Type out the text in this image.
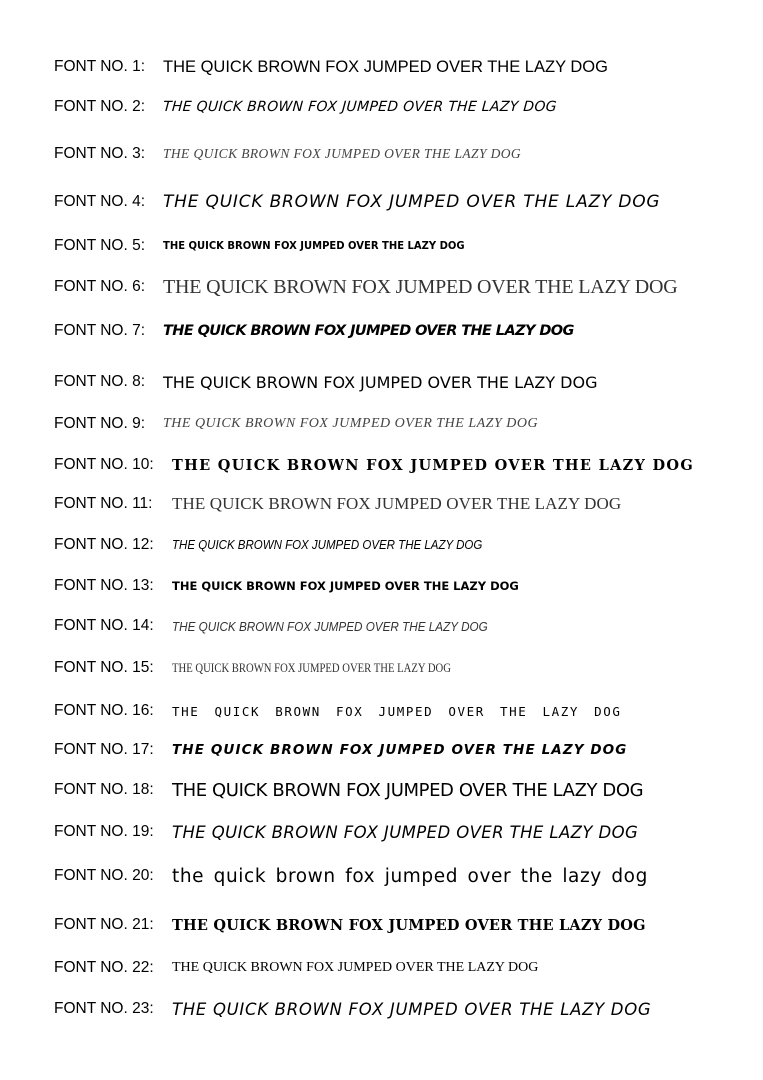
FONT NO. 1: THE QUICK BROWN FOX JUMPED OVER THE LAZY DOG
FONT NO. 2: THE QUICK BROWN FOX JUMPED OVER THE LAZY DOG
FONT NO. 3: THE QUICK BROWN FOX JUMPED OVER THE LAZY DOG
FONT NO. 4: THE QUICK BROWN FOX JUMPED OVER THE LAZY DOG
FONT NO. 5: THE QUICK BROWN FOX JUMPED OVER THE LAZY DOG
FONT NO. 6: THE QUICK BROWN FOX JUMPED OVER THE LAZY DOG
FONT NO. 7: THE QUICK BROWN FOX JUMPED OVER THE LAZY DOG
FONT NO. 8: THE QUICK BROWN FOX JUMPED OVER THE LAZY DOG
FONT NO. 9: THE QUICK BROWN FOX JUMPED OVER THE LAZY DOG
FONT NO. 10: THE QUICK BROWN FOX JUMPED OVER THE LAZY DOG
FONT NO. 11: THE QUICK BROWN FOX JUMPED OVER THE LAZY DOG
FONT NO. 12: THE QUICK BROWN FOX JUMPED OVER THE LAZY DOG
FONT NO. 13: THE QUICK BROWN FOX JUMPED OVER THE LAZY DOG
FONT NO. 14: THE QUICK BROWN FOX JUMPED OVER THE LAZY DOG
FONT NO. 15: THE QUICK BROWN FOX JUMPED OVER THE LAZY DOG
FONT NO. 16: THE QUICK BROWN FOX JUMPED OVER THE LAZY DOG
FONT NO. 17: THE QUICK BROWN FOX JUMPED OVER THE LAZY DOG
FONT NO. 18: THE QUICK BROWN FOX JUMPED OVER THE LAZY DOG
FONT NO. 19: THE QUICK BROWN FOX JUMPED OVER THE LAZY DOG
FONT NO. 20: the quick brown fox jumped over the lazy dog
FONT NO. 21: THE QUICK BROWN FOX JUMPED OVER THE LAZY DOG
FONT NO. 22: THE QUICK BROWN FOX JUMPED OVER THE LAZY DOG
FONT NO. 23: THE QUICK BROWN FOX JUMPED OVER THE LAZY DOG
